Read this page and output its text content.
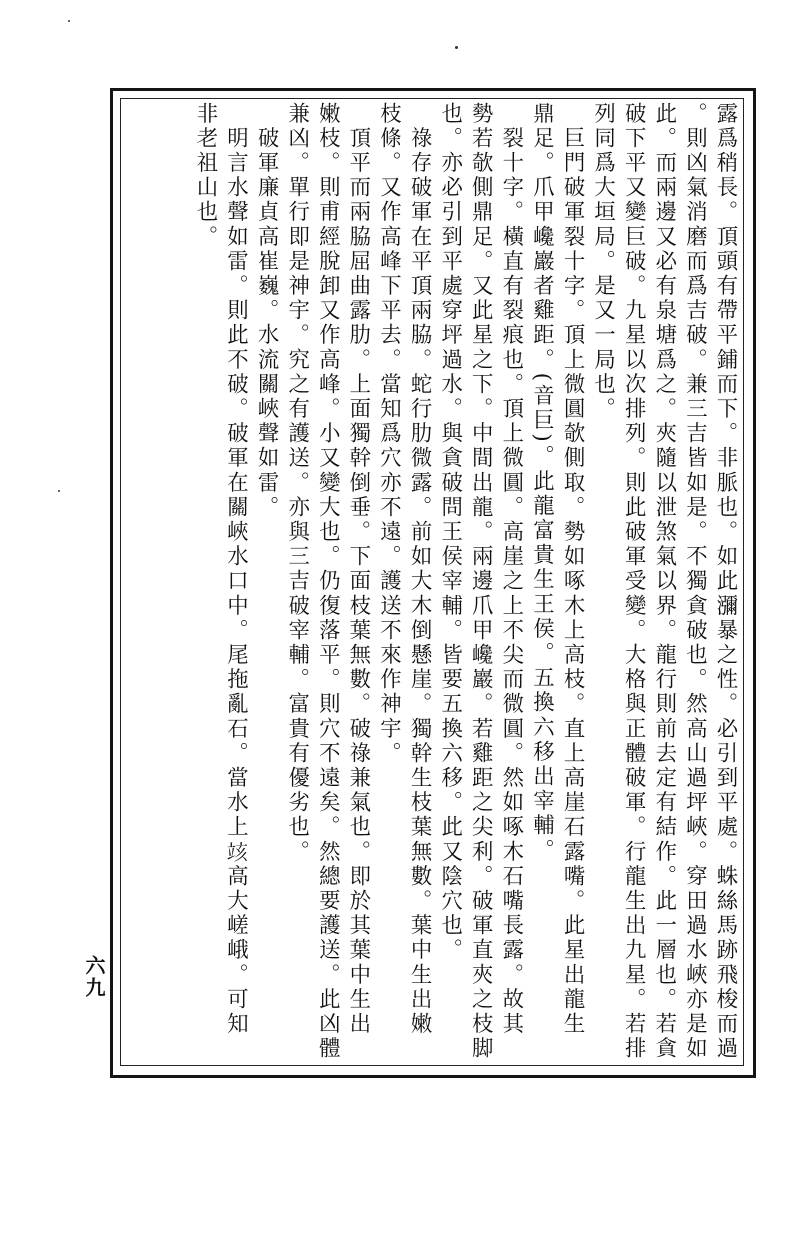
露爲稍長。頂頭有帶平鋪而下。非脈也。如此瀰暴之性。必引到平處。蛛絲馬跡飛梭而過
。則凶氣消磨而爲吉破。兼三吉皆如是。不獨貪破也。然高山過坪峽。穿田過水峽亦是如
此。而兩邊又必有泉塘爲之。夾隨以泄煞氣以界。龍行則前去定有結作。此一層也。若貪
破下平又變巨破。九星以次排列。則此破軍受變。大格與正體破軍。行龍生出九星。若排
列同爲大垣局。是又一局也。
　巨門破軍裂十字。頂上微圓欹側取。勢如啄木上高枝。直上高崖石露嘴。此星出龍生
鼎足。爪甲巉巖者雞距。(音巨)。此龍富貴生王侯。五換六移出宰輔。
　裂十字。橫直有裂痕也。頂上微圓。高崖之上不尖而微圓。然如啄木石嘴長露。故其
勢若欹側鼎足。又此星之下。中間出龍。兩邊爪甲巉巖。若雞距之尖利。破軍直夾之枝脚
也。亦必引到平處穿坪過水。與貪破問王侯宰輔。皆要五換六移。此又陰穴也。
　祿存破軍在平頂兩脇。蛇行肋微露。前如大木倒懸崖。獨幹生枝葉無數。葉中生出嫩
枝條。又作高峰下平去。當知爲穴亦不遠。護送不來作神宇。
　頂平而兩脇屈曲露肋。上面獨幹倒垂。下面枝葉無數。破祿兼氣也。即於其葉中生出
嫩枝。則甫經脫卸又作高峰。小又變大也。仍復落平。則穴不遠矣。然總要護送。此凶體
兼凶。單行即是神宇。究之有護送。亦與三吉破宰輔。富貴有優劣也。
　破軍廉貞高崔巍。水流關峽聲如雷。
　明言水聲如雷。則此不破。破軍在關峽水口中。尾拖亂石。當水上𥩲高大嵯峨。可知
非老祖山也。
六九
